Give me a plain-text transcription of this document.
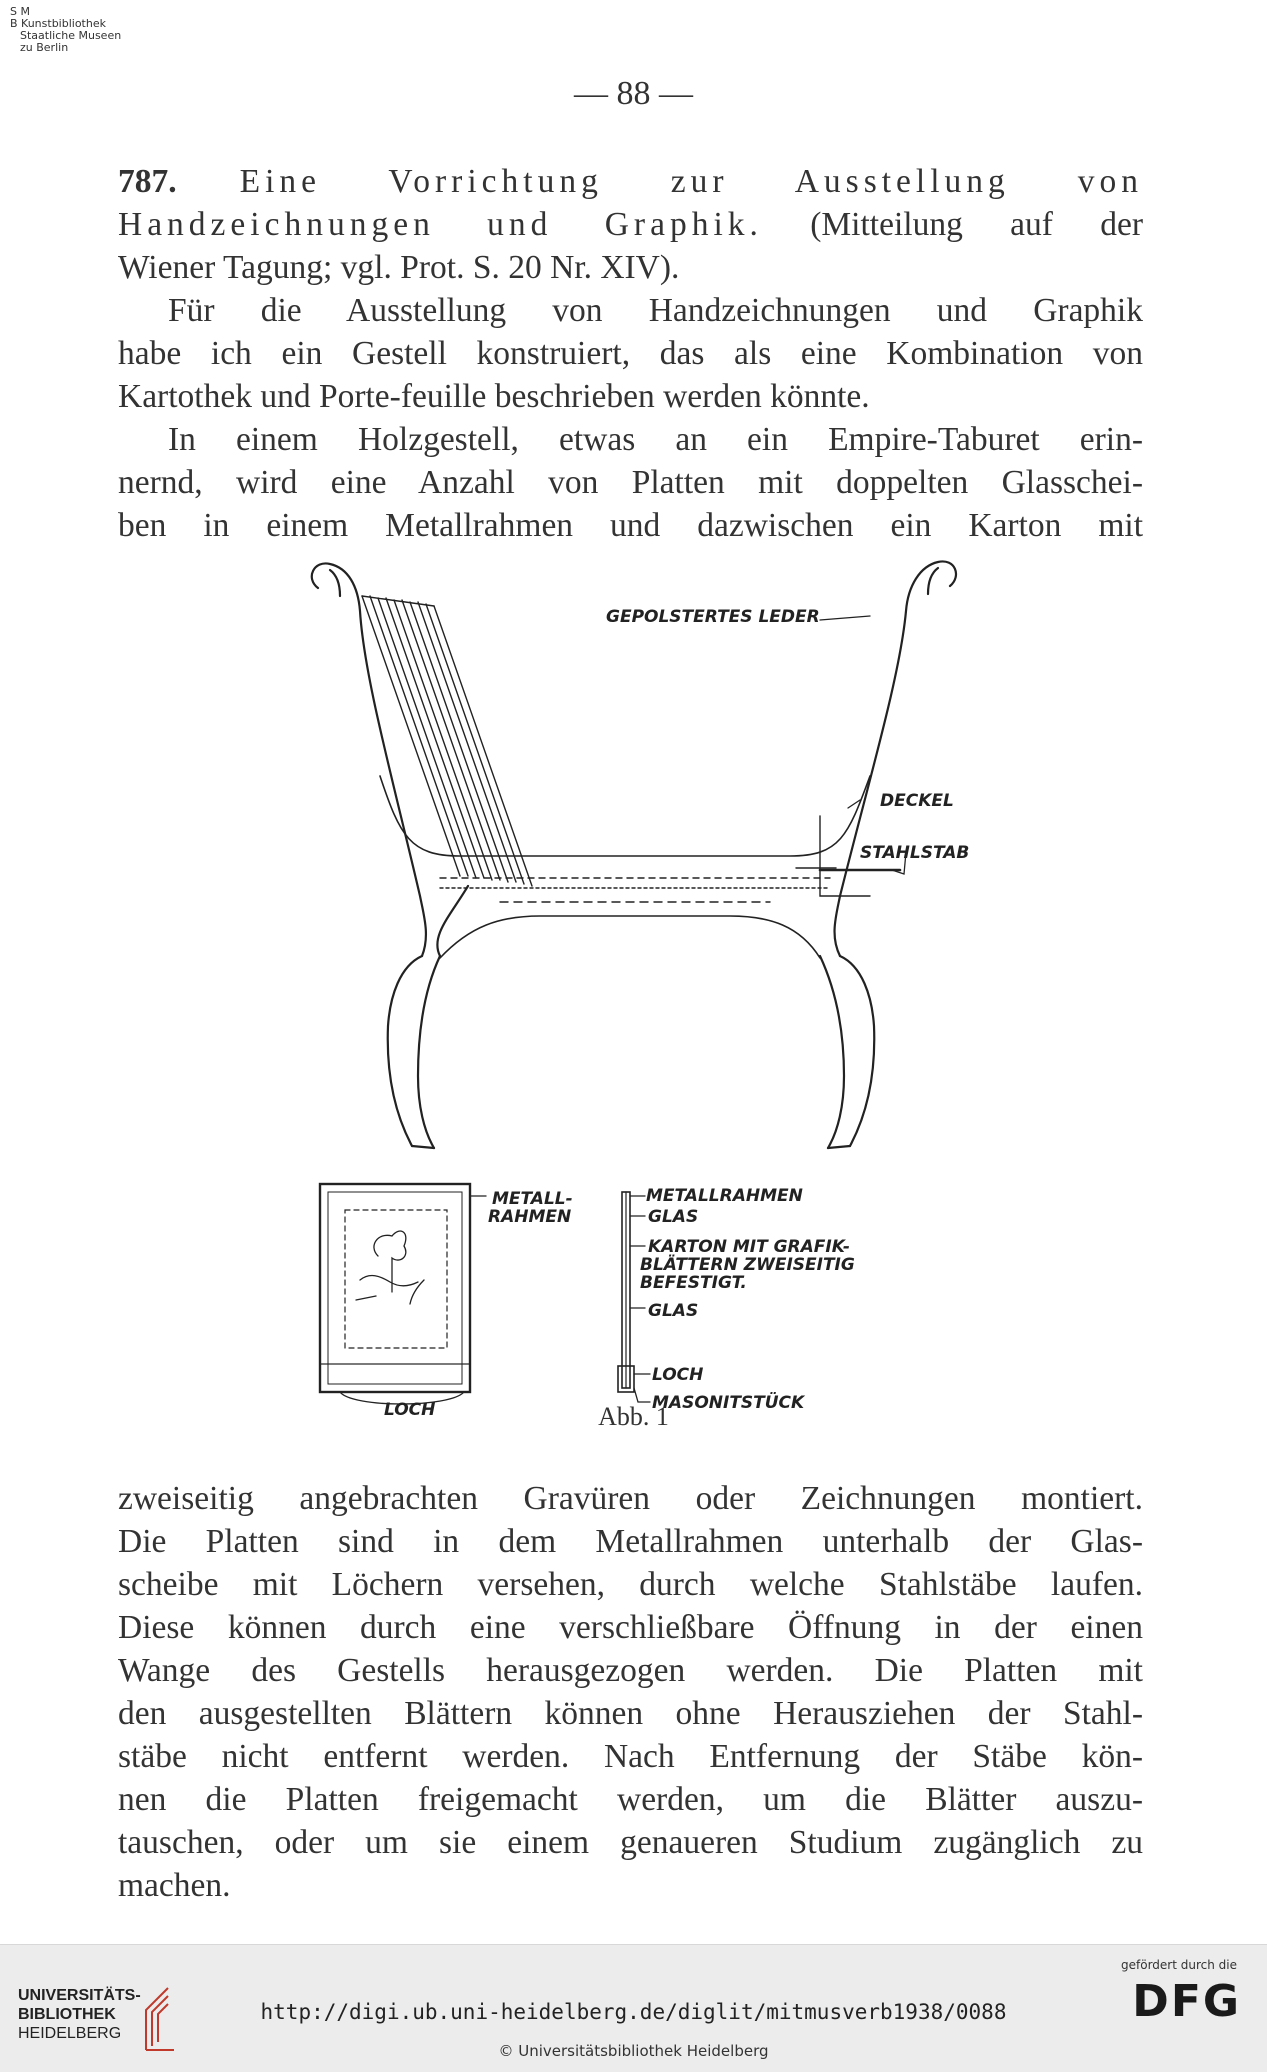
S M
B Kunstbibliothek
Staatliche Museen
zu Berlin
— 88 —
787. Eine Vorrichtung zur Ausstellung von
Handzeichnungen und Graphik. (Mitteilung auf der
Wiener Tagung; vgl. Prot. S. 20 Nr. XIV).
Für die Ausstellung von Handzeichnungen und Graphik
habe ich ein Gestell konstruiert, das als eine Kombination von
Kartothek und Porte-feuille beschrieben werden könnte.
In einem Holzgestell, etwas an ein Empire-Taburet erin-
nernd, wird eine Anzahl von Platten mit doppelten Glasschei-
ben in einem Metallrahmen und dazwischen ein Karton mit
GEPOLSTERTES LEDER
DECKEL
STAHLSTAB
METALL-
RAHMEN
LOCH
METALLRAHMEN
GLAS
KARTON MIT GRAFIK-
BLÄTTERN ZWEISEITIG
BEFESTIGT.
GLAS
LOCH
MASONITSTÜCK
Abb. 1
zweiseitig angebrachten Gravüren oder Zeichnungen montiert.
Die Platten sind in dem Metallrahmen unterhalb der Glas-
scheibe mit Löchern versehen, durch welche Stahlstäbe laufen.
Diese können durch eine verschließbare Öffnung in der einen
Wange des Gestells herausgezogen werden. Die Platten mit
den ausgestellten Blättern können ohne Herausziehen der Stahl-
stäbe nicht entfernt werden. Nach Entfernung der Stäbe kön-
nen die Platten freigemacht werden, um die Blätter auszu-
tauschen, oder um sie einem genaueren Studium zugänglich zu
machen.
UNIVERSITÄTS-
BIBLIOTHEK
HEIDELBERG
http://digi.ub.uni-heidelberg.de/diglit/mitmusverb1938/0088
© Universitätsbibliothek Heidelberg
gefördert durch die
DFG
